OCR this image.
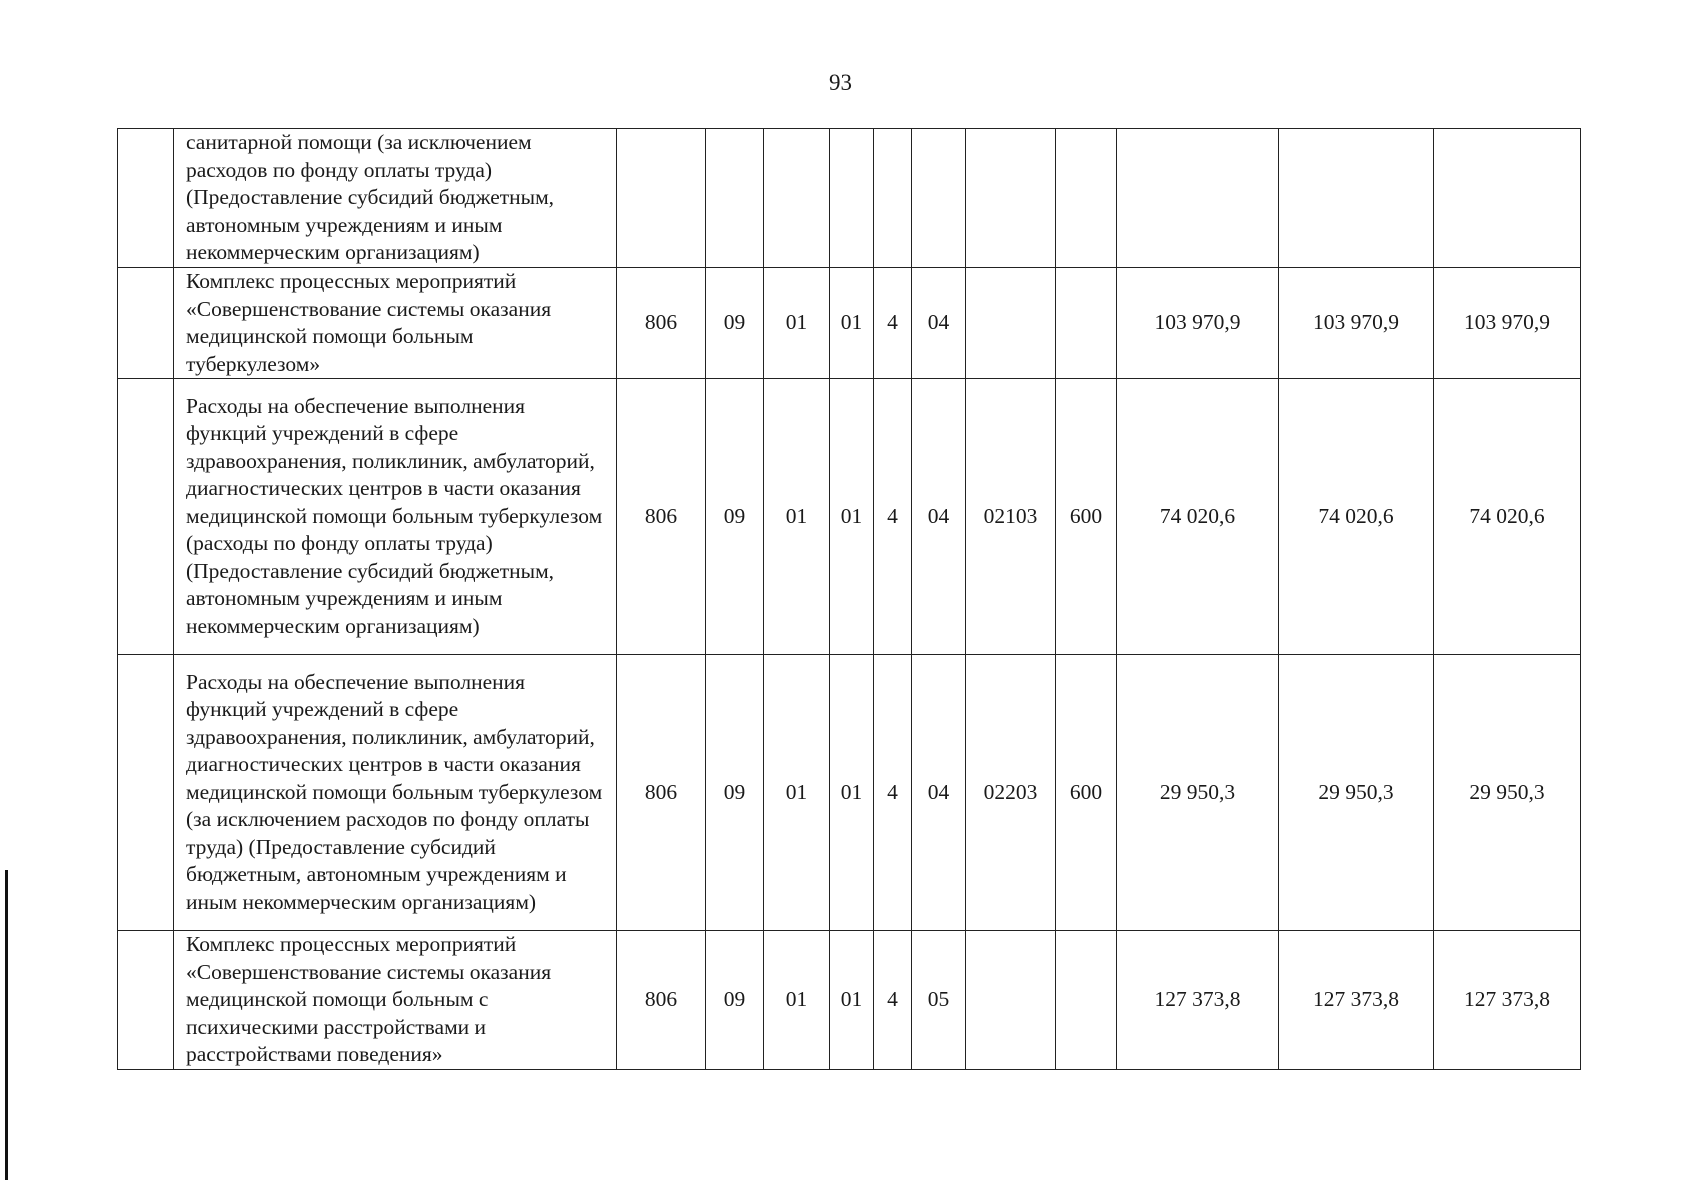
93
	санитарной помощи (за исключением расходов по фонду оплаты труда) (Предоставление субсидий бюджетным, автономным учреждениям и иным некоммерческим организациям)											
	Комплекс процессных мероприятий «Совершенствование системы оказания медицинской помощи больным туберкулезом»	806	09	01	01	4	04			103 970,9	103 970,9	103 970,9
	Расходы на обеспечение выполнения функций учреждений в сфере здравоохранения, поликлиник, амбулаторий, диагностических центров в части оказания медицинской помощи больным туберкулезом (расходы по фонду оплаты труда) (Предоставление субсидий бюджетным, автономным учреждениям и иным некоммерческим организациям)	806	09	01	01	4	04	02103	600	74 020,6	74 020,6	74 020,6
	Расходы на обеспечение выполнения функций учреждений в сфере здравоохранения, поликлиник, амбулаторий, диагностических центров в части оказания медицинской помощи больным туберкулезом (за исключением расходов по фонду оплаты труда) (Предоставление субсидий бюджетным, автономным учреждениям и иным некоммерческим организациям)	806	09	01	01	4	04	02203	600	29 950,3	29 950,3	29 950,3
	Комплекс процессных мероприятий «Совершенствование системы оказания медицинской помощи больным с психическими расстройствами и расстройствами поведения»	806	09	01	01	4	05			127 373,8	127 373,8	127 373,8
